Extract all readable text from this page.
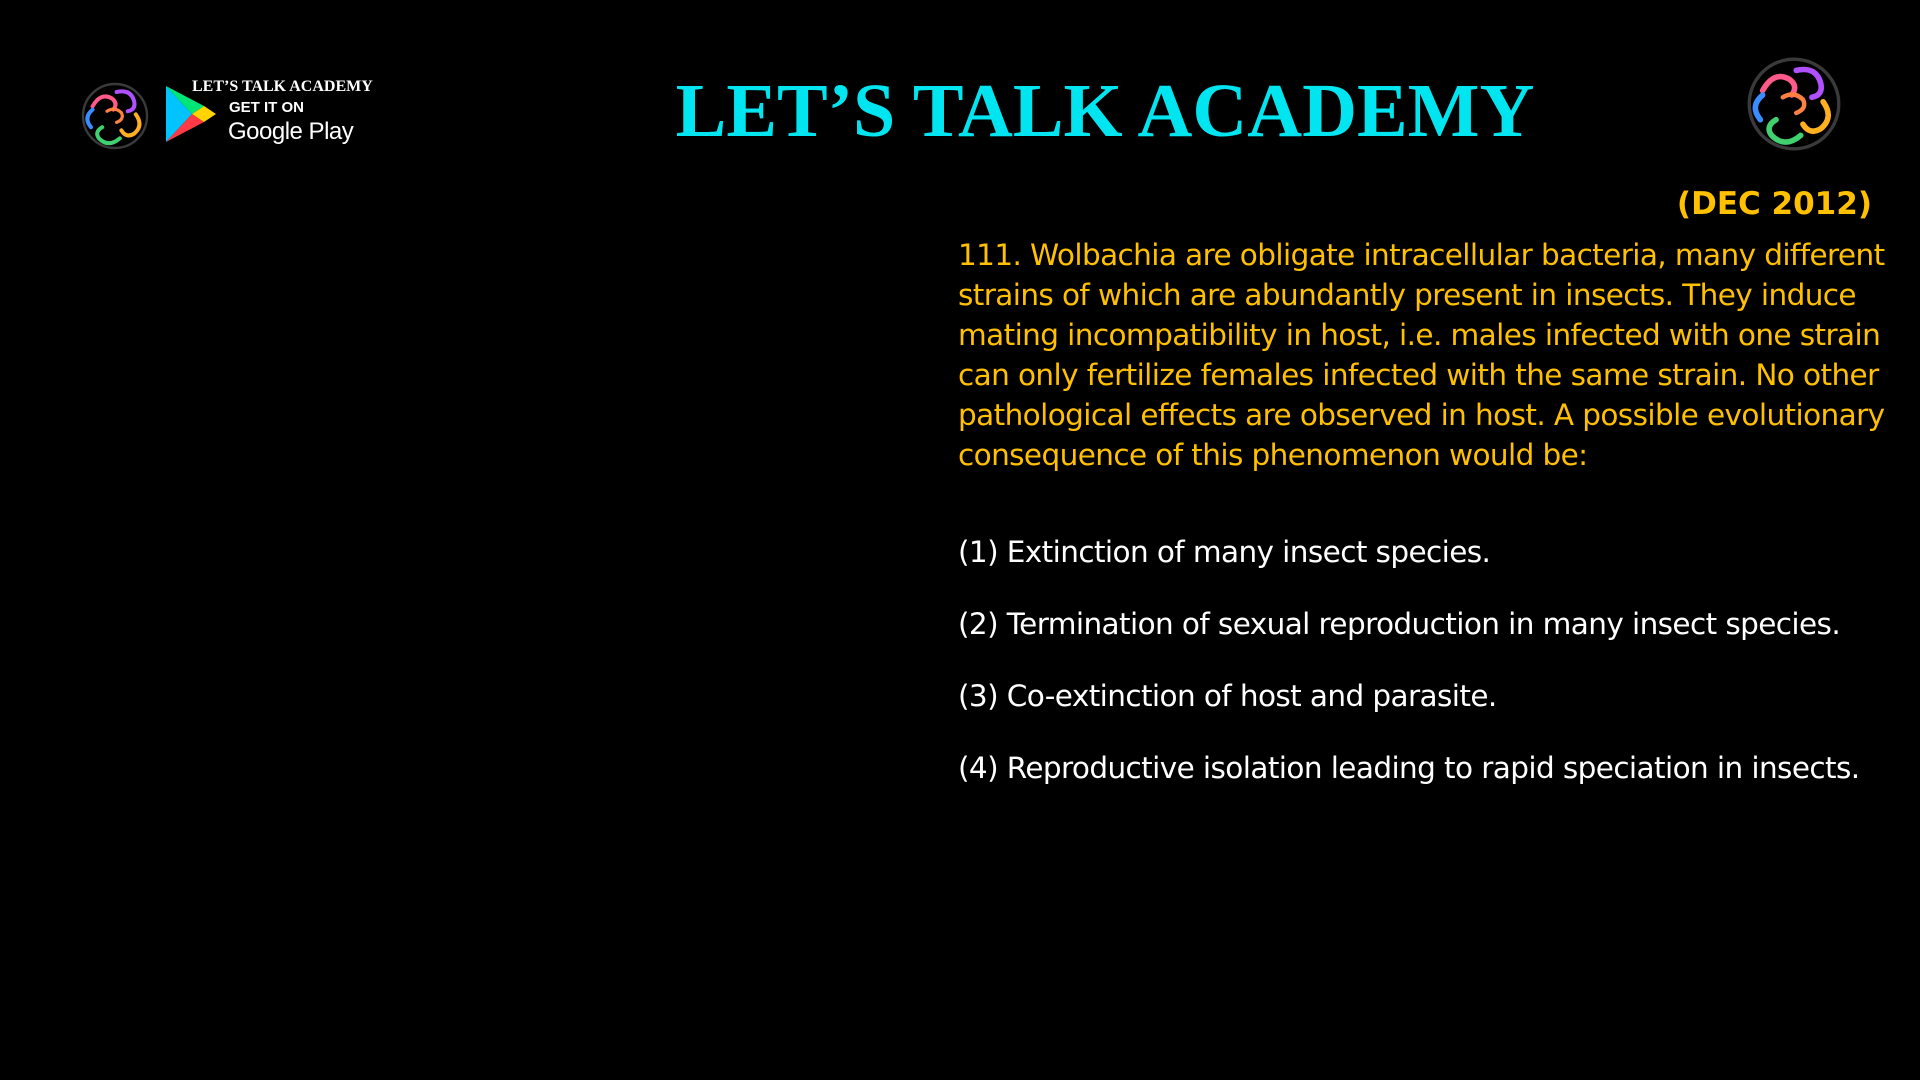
LET’S TALK ACADEMY
GET IT ON
Google Play	LET’S TALK ACADEMY
(DEC 2012)

111. Wolbachia are obligate intracellular bacteria, many different strains of which are abundantly present in insects. They induce mating incompatibility in host, i.e. males infected with one strain can only fertilize females infected with the same strain. No other pathological effects are observed in host. A possible evolutionary consequence of this phenomenon would be:

(1) Extinction of many insect species.
(2) Termination of sexual reproduction in many insect species.
(3) Co-extinction of host and parasite.
(4) Reproductive isolation leading to rapid speciation in insects.
